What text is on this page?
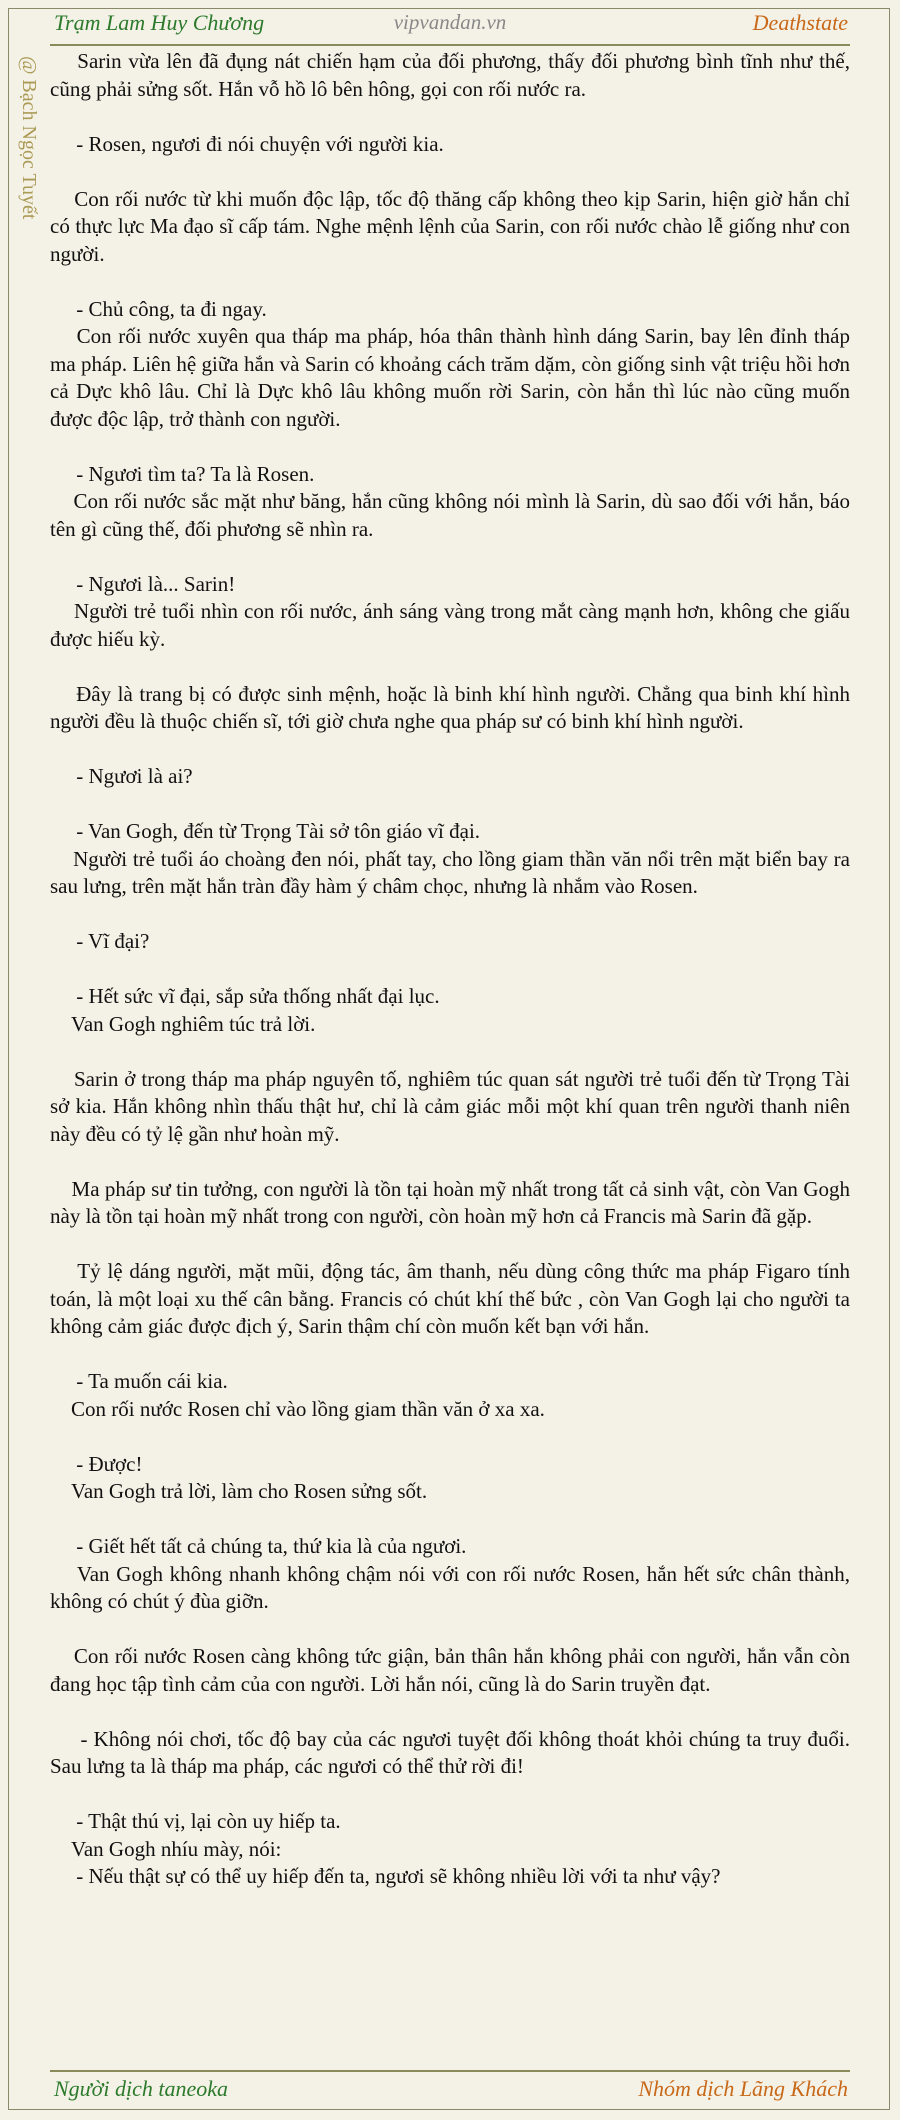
Trạm Lam Huy Chương	vipvandan.vn	Deathstate
@ Bạch Ngọc Tuyết Sarin vừa lên đã đụng nát chiến hạm của đối phương, thấy đối phương bình tĩnh như thế, cũng phải sửng sốt. Hắn vỗ hồ lô bên hông, gọi con rối nước ra.

- Rosen, ngươi đi nói chuyện với người kia.

Con rối nước từ khi muốn độc lập, tốc độ thăng cấp không theo kịp Sarin, hiện giờ hắn chỉ có thực lực Ma đạo sĩ cấp tám. Nghe mệnh lệnh của Sarin, con rối nước chào lễ giống như con người.

- Chủ công, ta đi ngay.

Con rối nước xuyên qua tháp ma pháp, hóa thân thành hình dáng Sarin, bay lên đỉnh tháp ma pháp. Liên hệ giữa hắn và Sarin có khoảng cách trăm dặm, còn giống sinh vật triệu hồi hơn cả Dực khô lâu. Chỉ là Dực khô lâu không muốn rời Sarin, còn hắn thì lúc nào cũng muốn được độc lập, trở thành con người.

- Ngươi tìm ta? Ta là Rosen.

Con rối nước sắc mặt như băng, hắn cũng không nói mình là Sarin, dù sao đối với hắn, báo tên gì cũng thế, đối phương sẽ nhìn ra.

- Ngươi là... Sarin!

Người trẻ tuổi nhìn con rối nước, ánh sáng vàng trong mắt càng mạnh hơn, không che giấu được hiếu kỳ.

Đây là trang bị có được sinh mệnh, hoặc là binh khí hình người. Chẳng qua binh khí hình người đều là thuộc chiến sĩ, tới giờ chưa nghe qua pháp sư có binh khí hình người.

- Ngươi là ai?

- Van Gogh, đến từ Trọng Tài sở tôn giáo vĩ đại.

Người trẻ tuổi áo choàng đen nói, phất tay, cho lồng giam thần văn nổi trên mặt biển bay ra sau lưng, trên mặt hắn tràn đầy hàm ý châm chọc, nhưng là nhắm vào Rosen.

- Vĩ đại?

- Hết sức vĩ đại, sắp sửa thống nhất đại lục.

Van Gogh nghiêm túc trả lời.

Sarin ở trong tháp ma pháp nguyên tố, nghiêm túc quan sát người trẻ tuổi đến từ Trọng Tài sở kia. Hắn không nhìn thấu thật hư, chỉ là cảm giác mỗi một khí quan trên người thanh niên này đều có tỷ lệ gần như hoàn mỹ.

Ma pháp sư tin tưởng, con người là tồn tại hoàn mỹ nhất trong tất cả sinh vật, còn Van Gogh này là tồn tại hoàn mỹ nhất trong con người, còn hoàn mỹ hơn cả Francis mà Sarin đã gặp.

Tỷ lệ dáng người, mặt mũi, động tác, âm thanh, nếu dùng công thức ma pháp Figaro tính toán, là một loại xu thế cân bằng. Francis có chút khí thế bức , còn Van Gogh lại cho người ta không cảm giác được địch ý, Sarin thậm chí còn muốn kết bạn với hắn.

- Ta muốn cái kia.

Con rối nước Rosen chỉ vào lồng giam thần văn ở xa xa.

- Được!

Van Gogh trả lời, làm cho Rosen sửng sốt.

- Giết hết tất cả chúng ta, thứ kia là của ngươi.

Van Gogh không nhanh không chậm nói với con rối nước Rosen, hắn hết sức chân thành, không có chút ý đùa giỡn.

Con rối nước Rosen càng không tức giận, bản thân hắn không phải con người, hắn vẫn còn đang học tập tình cảm của con người. Lời hắn nói, cũng là do Sarin truyền đạt.

- Không nói chơi, tốc độ bay của các ngươi tuyệt đối không thoát khỏi chúng ta truy đuổi. Sau lưng ta là tháp ma pháp, các ngươi có thể thử rời đi!

- Thật thú vị, lại còn uy hiếp ta.

Van Gogh nhíu mày, nói:

- Nếu thật sự có thể uy hiếp đến ta, ngươi sẽ không nhiều lời với ta như vậy?

Người dịch taneoka	Nhóm dịch Lãng Khách
